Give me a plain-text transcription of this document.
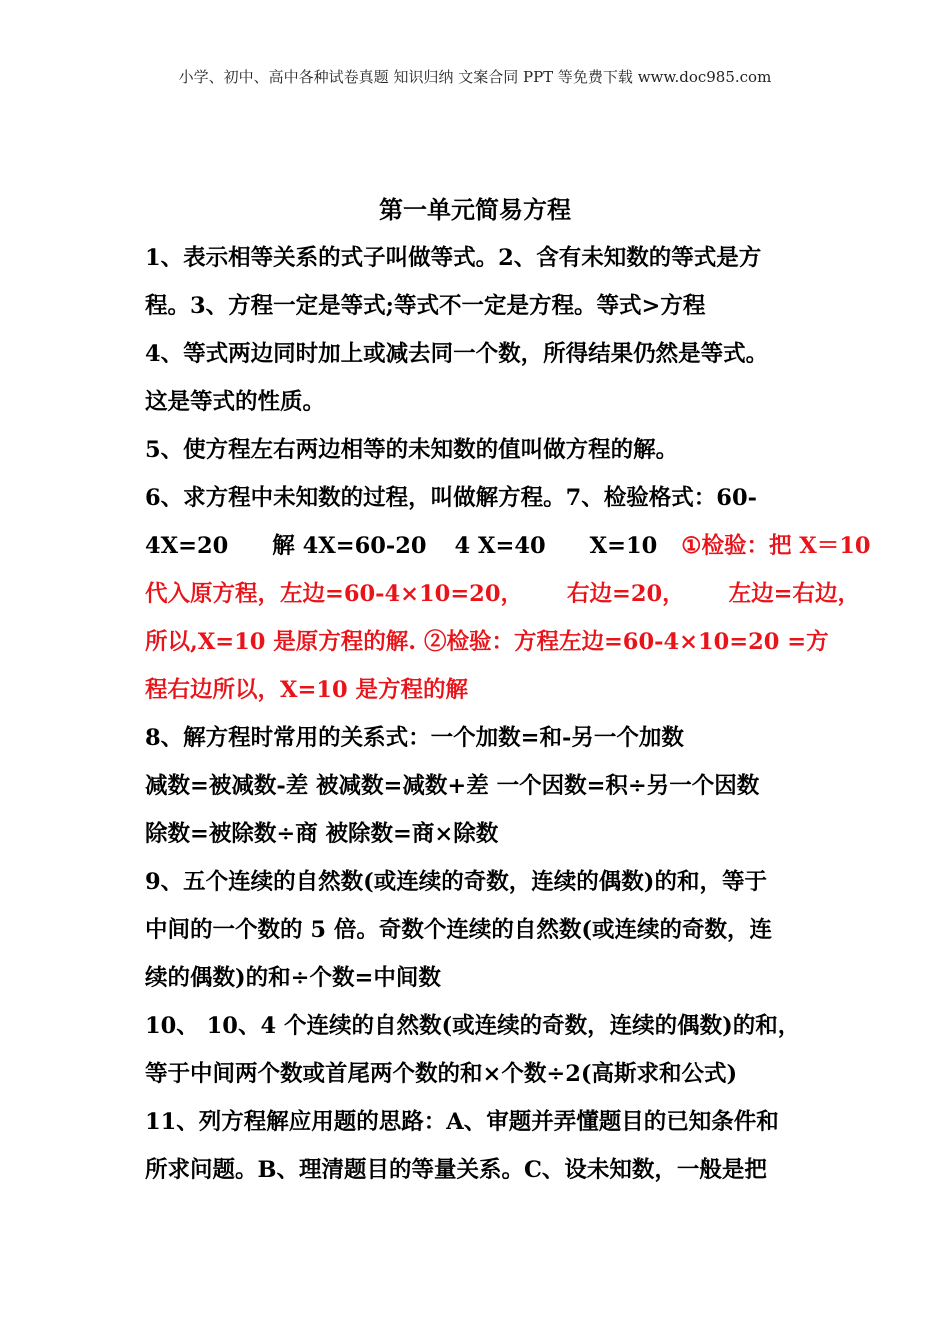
小学、初中、高中各种试卷真题 知识归纳 文案合同 PPT 等免费下载 www.doc985.com
第一单元简易方程
1、表示相等关系的式子叫做等式。2、含有未知数的等式是方
程。3、方程一定是等式;等式不一定是方程。等式>方程
4、等式两边同时加上或减去同一个数，所得结果仍然是等式。
这是等式的性质。
5、使方程左右两边相等的未知数的值叫做方程的解。
6、求方程中未知数的过程，叫做解方程。7、检验格式：60-
4X=20 解 4X=60-20 4 X=40 X=10 ①检验：把 X＝10
代入原方程，左边=60-4×10=20， 右边=20， 左边=右边，
所以,X=10 是原方程的解. ②检验：方程左边=60-4×10=20 =方
程右边所以，X=10 是方程的解
8、解方程时常用的关系式：一个加数=和-另一个加数
减数=被减数-差 被减数=减数+差 一个因数=积÷另一个因数
除数=被除数÷商 被除数=商×除数
9、五个连续的自然数(或连续的奇数，连续的偶数)的和，等于
中间的一个数的 5 倍。奇数个连续的自然数(或连续的奇数，连
续的偶数)的和÷个数=中间数
10、 10、4 个连续的自然数(或连续的奇数，连续的偶数)的和，
等于中间两个数或首尾两个数的和×个数÷2(高斯求和公式)
11、列方程解应用题的思路：A、审题并弄懂题目的已知条件和
所求问题。B、理清题目的等量关系。C、设未知数，一般是把
